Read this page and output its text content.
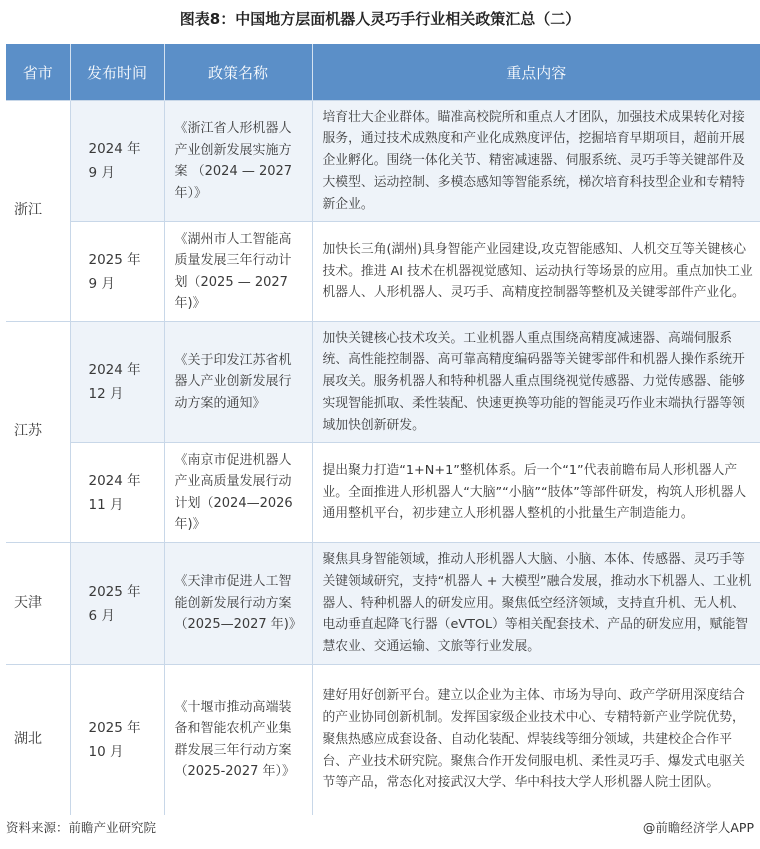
图表8：中国地方层面机器人灵巧手行业相关政策汇总（二）
省市	发布时间	政策名称	重点内容
浙江	2024 年 9 月	《浙江省人形机器人产业创新发展实施方案 （2024 — 2027 年）》	培育壮大企业群体。瞄准高校院所和重点人才团队，加强技术成果转化对接服务，通过技术成熟度和产业化成熟度评估，挖掘培育早期项目，超前开展企业孵化。围绕一体化关节、精密减速器、伺服系统、灵巧手等关键部件及大模型、运动控制、多模态感知等智能系统，梯次培育科技型企业和专精特新企业。
	2025 年 9 月	《湖州市人工智能高质量发展三年行动计划（2025 — 2027 年)》	加快长三角(湖州)具身智能产业园建设,攻克智能感知、人机交互等关键核心技术。推进 AI 技术在机器视觉感知、运动执行等场景的应用。重点加快工业机器人、人形机器人、灵巧手、高精度控制器等整机及关键零部件产业化。
江苏	2024 年 12 月	《关于印发江苏省机器人产业创新发展行动方案的通知》	加快关键核心技术攻关。工业机器人重点围绕高精度减速器、高端伺服系统、高性能控制器、高可靠高精度编码器等关键零部件和机器人操作系统开展攻关。服务机器人和特种机器人重点围绕视觉传感器、力觉传感器、能够实现智能抓取、柔性装配、快速更换等功能的智能灵巧作业末端执行器等领域加快创新研发。
	2024 年 11 月	《南京市促进机器人产业高质量发展行动计划（2024—2026 年)》	提出聚力打造“1+N+1”整机体系。后一个“1”代表前瞻布局人形机器人产业。全面推进人形机器人“大脑”“小脑”“肢体”等部件研发，构筑人形机器人通用整机平台，初步建立人形机器人整机的小批量生产制造能力。
天津	2025 年 6 月	《天津市促进人工智能创新发展行动方案（2025—2027 年)》	聚焦具身智能领域，推动人形机器人大脑、小脑、本体、传感器、灵巧手等关键领域研究，支持“机器人 + 大模型”融合发展，推动水下机器人、工业机器人、特种机器人的研发应用。聚焦低空经济领域，支持直升机、无人机、电动垂直起降飞行器（eVTOL）等相关配套技术、产品的研发应用，赋能智慧农业、交通运输、文旅等行业发展。
湖北	2025 年 10 月	《十堰市推动高端装备和智能农机产业集群发展三年行动方案（2025-2027 年）》	建好用好创新平台。建立以企业为主体、市场为导向、政产学研用深度结合的产业协同创新机制。发挥国家级企业技术中心、专精特新产业学院优势，聚焦热感应成套设备、自动化装配、焊装线等细分领域，共建校企合作平台、产业技术研究院。聚焦合作开发伺服电机、柔性灵巧手、爆发式电驱关节等产品，常态化对接武汉大学、华中科技大学人形机器人院士团队。
资料来源：前瞻产业研究院	@前瞻经济学人APP
